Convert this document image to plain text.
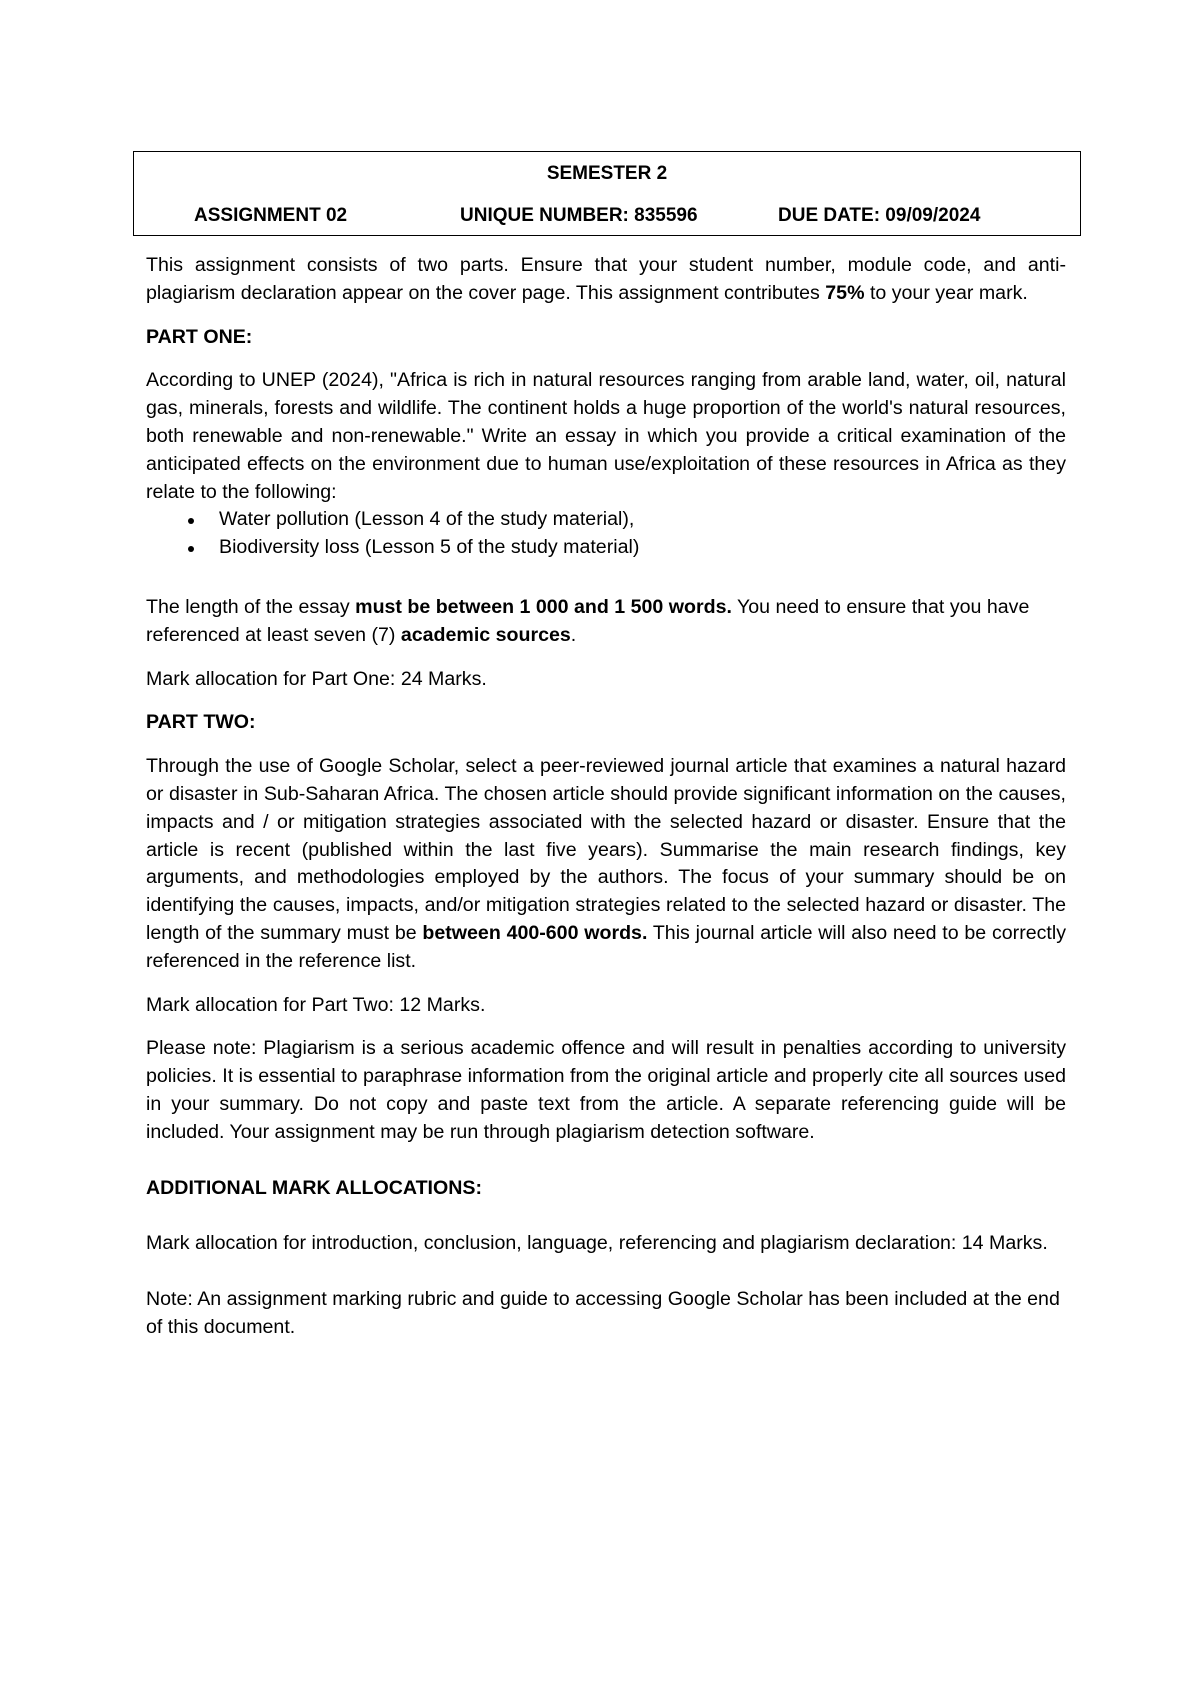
SEMESTER 2
ASSIGNMENT 02	UNIQUE NUMBER: 835596	DUE DATE: 09/09/2024

This assignment consists of two parts. Ensure that your student number, module code, and anti-plagiarism declaration appear on the cover page. This assignment contributes 75% to your year mark.

PART ONE:

According to UNEP (2024), "Africa is rich in natural resources ranging from arable land, water, oil, natural gas, minerals, forests and wildlife. The continent holds a huge proportion of the world's natural resources, both renewable and non-renewable." Write an essay in which you provide a critical examination of the anticipated effects on the environment due to human use/exploitation of these resources in Africa as they relate to the following:

Water pollution (Lesson 4 of the study material),
Biodiversity loss (Lesson 5 of the study material)

The length of the essay must be between 1 000 and 1 500 words. You need to ensure that you have referenced at least seven (7) academic sources.

Mark allocation for Part One: 24 Marks.

PART TWO:

Through the use of Google Scholar, select a peer-reviewed journal article that examines a natural hazard or disaster in Sub-Saharan Africa. The chosen article should provide significant information on the causes, impacts and / or mitigation strategies associated with the selected hazard or disaster. Ensure that the article is recent (published within the last five years). Summarise the main research findings, key arguments, and methodologies employed by the authors. The focus of your summary should be on identifying the causes, impacts, and/or mitigation strategies related to the selected hazard or disaster. The length of the summary must be between 400-600 words. This journal article will also need to be correctly referenced in the reference list.

Mark allocation for Part Two: 12 Marks.

Please note: Plagiarism is a serious academic offence and will result in penalties according to university policies. It is essential to paraphrase information from the original article and properly cite all sources used in your summary. Do not copy and paste text from the article. A separate referencing guide will be included. Your assignment may be run through plagiarism detection software.

ADDITIONAL MARK ALLOCATIONS:

Mark allocation for introduction, conclusion, language, referencing and plagiarism declaration: 14 Marks.

Note: An assignment marking rubric and guide to accessing Google Scholar has been included at the end of this document.
